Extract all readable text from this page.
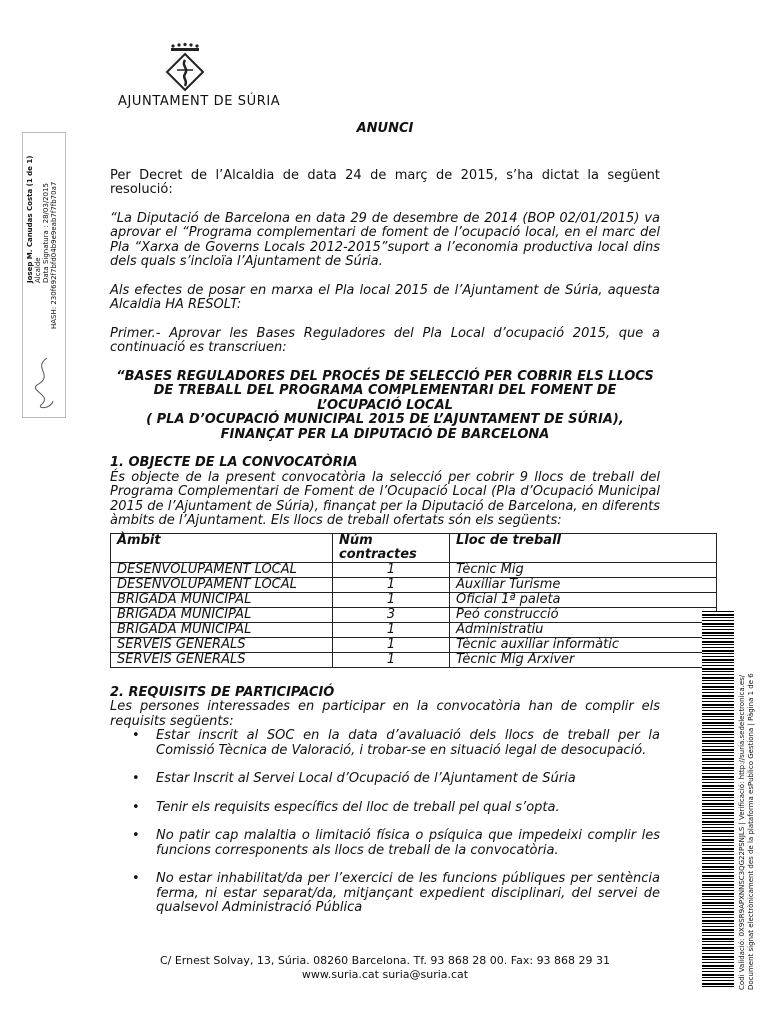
AJUNTAMENT DE SÚRIA
Josep M. Canudas Costa (1 de 1) Alcalde Data Signatura : 28/03/2015 HASH: 230f692f7bfd04b9e9eab7f7fb70a7
ANUNCI

Per Decret de l’Alcaldia de data 24 de març de 2015, s’ha dictat la següent resolució:

“La Diputació de Barcelona en data 29 de desembre de 2014 (BOP 02/01/2015) va aprovar el “Programa complementari de foment de l’ocupació local, en el marc del Pla “Xarxa de Governs Locals 2012-2015”suport a l’economia productiva local dins dels quals s’incloïa l’Ajuntament de Súria.

Als efectes de posar en marxa el Pla local 2015 de l’Ajuntament de Súria, aquesta Alcaldia HA RESOLT:

Primer.- Aprovar les Bases Reguladores del Pla Local d’ocupació 2015, que a continuació es transcriuen:

“BASES REGULADORES DEL PROCÉS DE SELECCIÓ PER COBRIR ELS LLOCS
DE TREBALL DEL PROGRAMA COMPLEMENTARI DEL FOMENT DE
L’OCUPACIÓ LOCAL
( PLA D’OCUPACIÓ MUNICIPAL 2015 DE L’AJUNTAMENT DE SÚRIA),
FINANÇAT PER LA DIPUTACIÓ DE BARCELONA
1. OBJECTE DE LA CONVOCATÒRIA

És objecte de la present convocatòria la selecció per cobrir 9 llocs de treball del Programa Complementari de Foment de l’Ocupació Local (Pla d’Ocupació Municipal 2015 de l’Ajuntament de Súria), finançat per la Diputació de Barcelona, en diferents àmbits de l’Ajuntament. Els llocs de treball ofertats són els següents:

Àmbit	Núm contractes	Lloc de treball
DESENVOLUPAMENT LOCAL	1	Tècnic Mig
DESENVOLUPAMENT LOCAL	1	Auxiliar Turisme
BRIGADA MUNICIPAL	1	Oficial 1ª paleta
BRIGADA MUNICIPAL	3	Peó construcció
BRIGADA MUNICIPAL	1	Administratiu
SERVEIS GENERALS	1	Tècnic auxiliar informàtic
SERVEIS GENERALS	1	Tècnic Mig Arxiver
2. REQUISITS DE PARTICIPACIÓ

Les persones interessades en participar en la convocatòria han de complir els requisits següents:

• Estar inscrit al SOC en la data d’avaluació dels llocs de treball per la Comissió Tècnica de Valoració, i trobar-se en situació legal de desocupació.
• Estar Inscrit al Servei Local d’Ocupació de l’Ajuntament de Súria
• Tenir els requisits específics del lloc de treball pel qual s’opta.
• No patir cap malaltia o limitació física o psíquica que impedeixi complir les funcions corresponents als llocs de treball de la convocatòria.
• No estar inhabilitat/da per l’exercici de les funcions públiques per sentència ferma, ni estar separat/da, mitjançant expedient disciplinari, del servei de qualsevol Administració Pública	Codi Validació: 0X9SR9APXNNSC3QG22PSNJLS | Verificació: http://suria.sedelectronica.es/ Document signat electrònicament des de la plataforma esPublico Gestiona | Pàgina 1 de 6
C/ Ernest Solvay, 13, Súria. 08260 Barcelona. Tf. 93 868 28 00. Fax: 93 868 29 31
www.suria.cat suria@suria.cat
